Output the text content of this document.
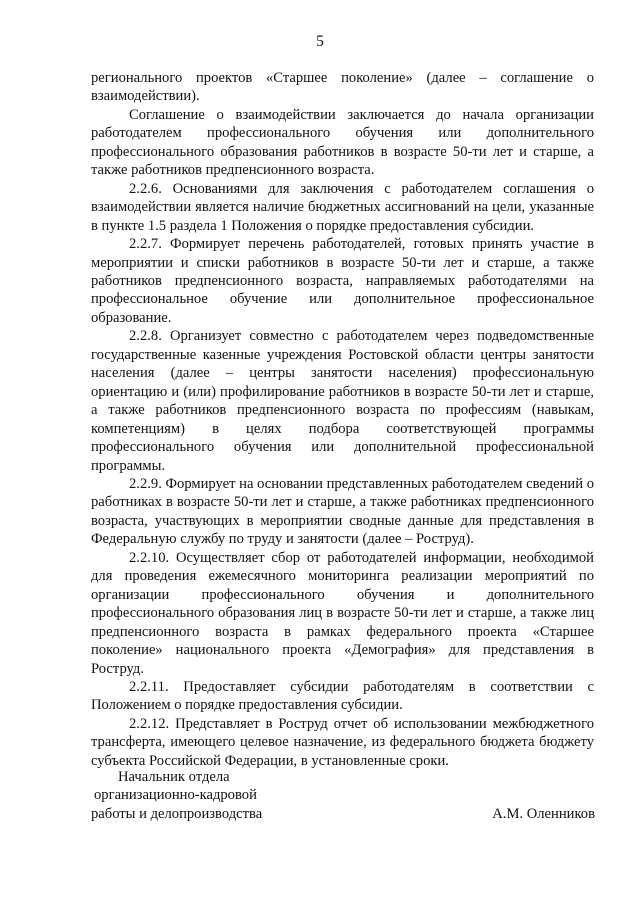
5

регионального проектов «Старшее поколение» (далее – соглашение о взаимодействии).

Соглашение о взаимодействии заключается до начала организации работодателем профессионального обучения или дополнительного профессионального образования работников в возрасте 50-ти лет и старше, а также работников предпенсионного возраста.

2.2.6. Основаниями для заключения с работодателем соглашения о взаимодействии является наличие бюджетных ассигнований на цели, указанные в пункте 1.5 раздела 1 Положения о порядке предоставления субсидии.

2.2.7. Формирует перечень работодателей, готовых принять участие в мероприятии и списки работников в возрасте 50-ти лет и старше, а также работников предпенсионного возраста, направляемых работодателями на профессиональное обучение или дополнительное профессиональное образование.

2.2.8. Организует совместно с работодателем через подведомственные государственные казенные учреждения Ростовской области центры занятости населения (далее – центры занятости населения) профессиональную ориентацию и (или) профилирование работников в возрасте 50-ти лет и старше, а также работников предпенсионного возраста по профессиям (навыкам, компетенциям) в целях подбора соответствующей программы профессионального обучения или дополнительной профессиональной программы.

2.2.9. Формирует на основании представленных работодателем сведений о работниках в возрасте 50-ти лет и старше, а также работниках предпенсионного возраста, участвующих в мероприятии сводные данные для представления в Федеральную службу по труду и занятости (далее – Роструд).

2.2.10. Осуществляет сбор от работодателей информации, необходимой для проведения ежемесячного мониторинга реализации мероприятий по организации профессионального обучения и дополнительного профессионального образования лиц в возрасте 50-ти лет и старше, а также лиц предпенсионного возраста в рамках федерального проекта «Старшее поколение» национального проекта «Демография» для представления в Роструд.

2.2.11. Предоставляет субсидии работодателям в соответствии с Положением о порядке предоставления субсидии.

2.2.12. Представляет в Роструд отчет об использовании межбюджетного трансферта, имеющего целевое назначение, из федерального бюджета бюджету субъекта Российской Федерации, в установленные сроки.

Начальник отдела
организационно-кадровой
работы и делопроизводства	А.М. Оленников
